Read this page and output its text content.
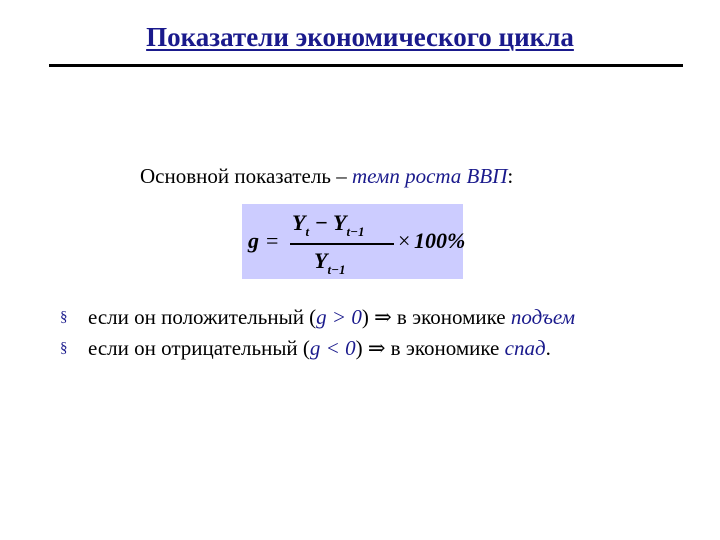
Показатели экономического цикла
Основной показатель – темп роста ВВП:
g =
$Y_t - Y_{t-1}$
$Y_{t-1}$
× 100%
§ если он положительный (g > 0) ⇒ в экономике подъем
§ если он отрицательный (g < 0) ⇒ в экономике спад.
